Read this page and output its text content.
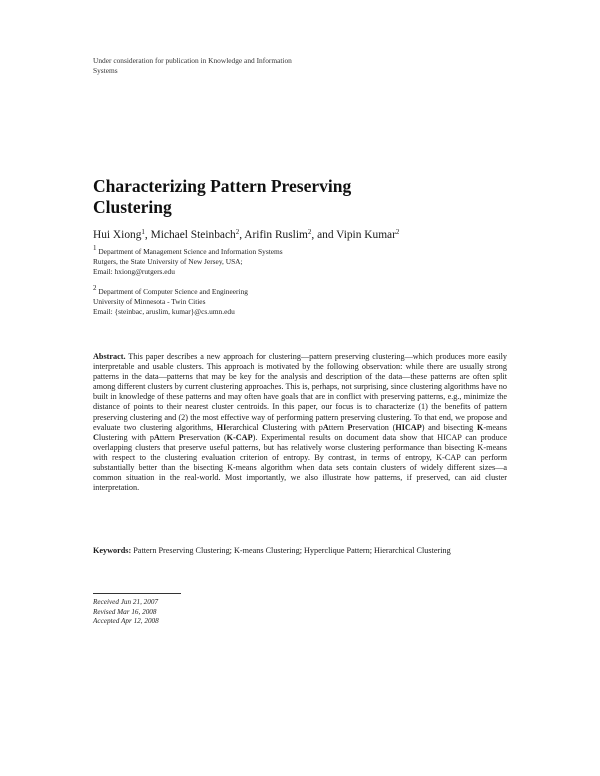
Under consideration for publication in Knowledge and Information
Systems
Characterizing Pattern Preserving
Clustering
Hui Xiong$^1$, Michael Steinbach$^2$, Arifin Ruslim$^2$, and Vipin Kumar$^2$
$^1$ Department of Management Science and Information Systems
Rutgers, the State University of New Jersey, USA;
Email: hxiong@rutgers.edu
$^2$ Department of Computer Science and Engineering
University of Minnesota - Twin Cities
Email: {steinbac, aruslim, kumar}@cs.umn.edu
Abstract. This paper describes a new approach for clustering—pattern preserving clustering—which produces more easily interpretable and usable clusters. This approach is motivated by the following observation: while there are usually strong patterns in the data—patterns that may be key for the analysis and description of the data—these patterns are often split among different clusters by current clustering approaches. This is, perhaps, not surprising, since clustering algorithms have no built in knowledge of these patterns and may often have goals that are in conflict with preserving patterns, e.g., minimize the distance of points to their nearest cluster centroids. In this paper, our focus is to characterize (1) the benefits of pattern preserving clustering and (2) the most effective way of performing pattern preserving clustering. To that end, we propose and evaluate two clustering algorithms, HIerarchical Clustering with pAttern Preservation (HICAP) and bisecting K-means Clustering with pAttern Preservation (K-CAP). Experimental results on document data show that HICAP can produce overlapping clusters that preserve useful patterns, but has relatively worse clustering performance than bisecting K-means with respect to the clustering evaluation criterion of entropy. By contrast, in terms of entropy, K-CAP can perform substantially better than the bisecting K-means algorithm when data sets contain clusters of widely different sizes—a common situation in the real-world. Most importantly, we also illustrate how patterns, if preserved, can aid cluster interpretation.
Keywords: Pattern Preserving Clustering; K-means Clustering; Hyperclique Pattern; Hierarchical Clustering
Received Jun 21, 2007
Revised Mar 16, 2008
Accepted Apr 12, 2008
